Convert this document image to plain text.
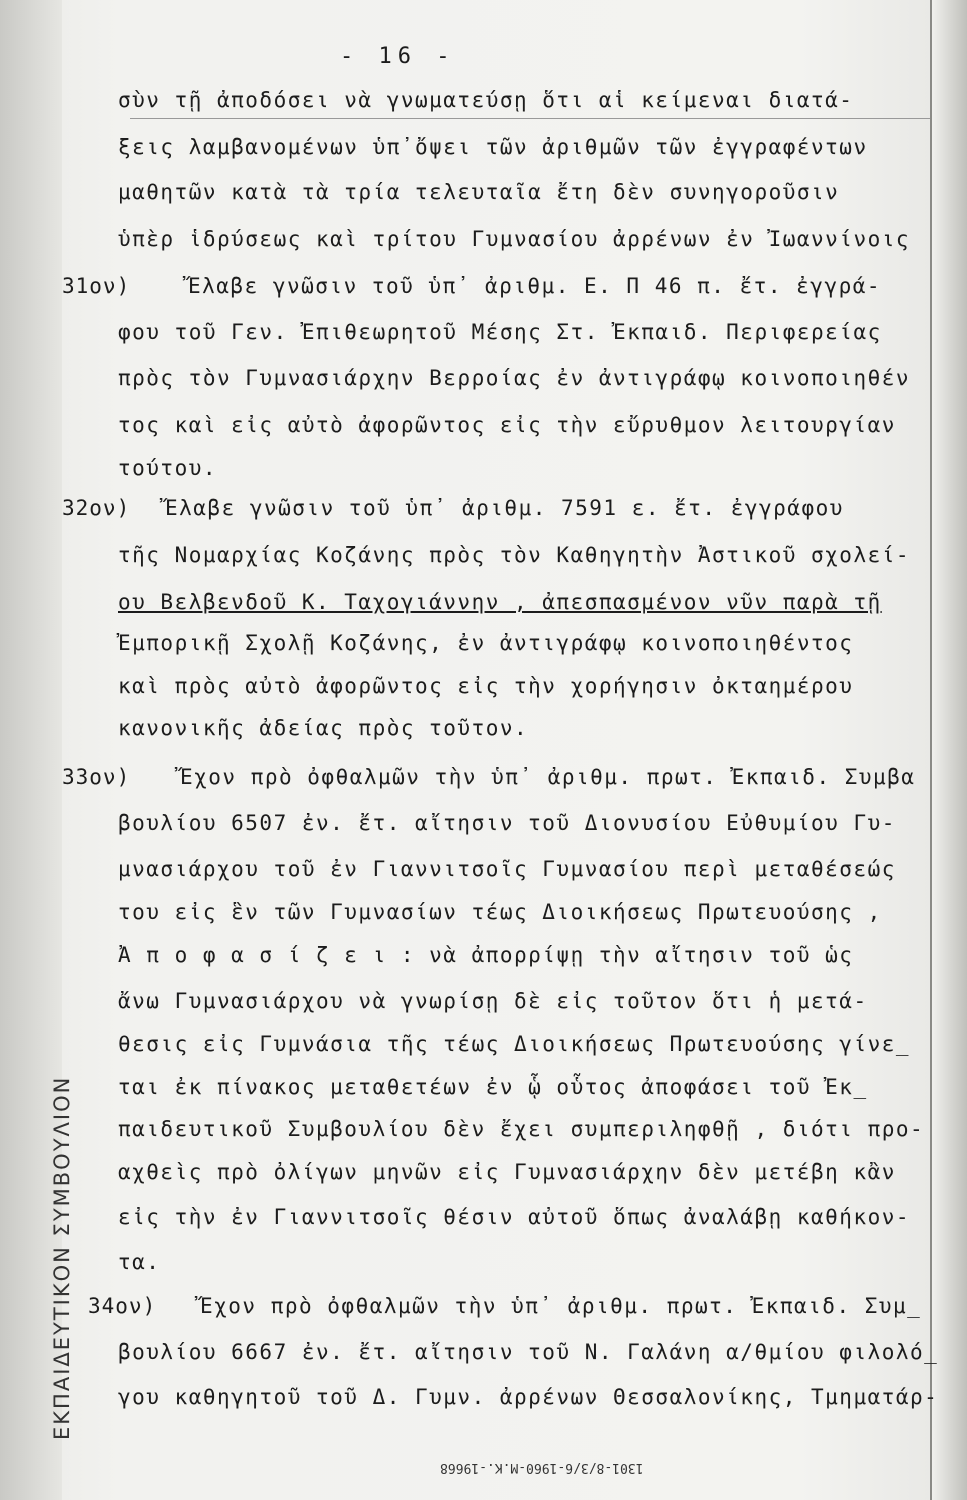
ΕΚΠΑΙΔΕΥΤΙΚΟΝ ΣΥΜΒΟΥΛΙΟΝ
- 16 -
σὺν τῇ ἀποδόσει νὰ γνωματεύσῃ ὅτι αἱ κείμεναι διατά-
ξεις λαμβανομένων ὑπ᾽ὄψει τῶν ἀριθμῶν τῶν ἐγγραφέντων
μαθητῶν κατὰ τὰ τρία τελευταῖα ἔτη δὲν συνηγοροῦσιν
ὑπὲρ ἱδρύσεως καὶ τρίτου Γυμνασίου ἀρρένων ἐν Ἰωαννίνοις
31ον)	Ἔλαβε γνῶσιν τοῦ ὑπ᾽ ἀριθμ. Ε. Π 46 π. ἔτ. ἐγγρά-
φου τοῦ Γεν. Ἐπιθεωρητοῦ Μέσης Στ. Ἐκπαιδ. Περιφερείας
πρὸς τὸν Γυμνασιάρχην Βερροίας ἐν ἀντιγράφῳ κοινοποιηθέν
τος καὶ εἰς αὐτὸ ἀφορῶντος εἰς τὴν εὔρυθμον λειτουργίαν
τούτου.
32ον) Ἔλαβε γνῶσιν τοῦ ὑπ᾽ ἀριθμ. 7591 ε. ἔτ. ἐγγράφου
τῆς Νομαρχίας Κοζάνης πρὸς τὸν Καθηγητὴν Ἀστικοῦ σχολεί-
ου Βελβενδοῦ Κ. Ταχογιάννην , ἀπεσπασμένον νῦν παρὰ τῇ
Ἐμπορικῇ Σχολῇ Κοζάνης, ἐν ἀντιγράφῳ κοινοποιηθέντος
καὶ πρὸς αὐτὸ ἀφορῶντος εἰς τὴν χορήγησιν ὀκταημέρου
κανονικῆς ἀδείας πρὸς τοῦτον.
33ον) Ἔχον πρὸ ὀφθαλμῶν τὴν ὑπ᾽ ἀριθμ. πρωτ. Ἐκπαιδ. Συμβα
βουλίου 6507 ἐν. ἔτ. αἴτησιν τοῦ Διονυσίου Εὐθυμίου Γυ-
μνασιάρχου τοῦ ἐν Γιαννιτσοῖς Γυμνασίου περὶ μεταθέσεώς
του εἰς ἓν τῶν Γυμνασίων τέως Διοικήσεως Πρωτευούσης ,
Ἀ π ο φ α σ ί ζ ε ι : νὰ ἀπορρίψῃ τὴν αἴτησιν τοῦ ὡς
ἄνω Γυμνασιάρχου νὰ γνωρίσῃ δὲ εἰς τοῦτον ὅτι ἡ μετά-
θεσις εἰς Γυμνάσια τῆς τέως Διοικήσεως Πρωτευούσης γίνε_
ται ἐκ πίνακος μεταθετέων ἐν ᾧ οὗτος ἀποφάσει τοῦ Ἐκ_
παιδευτικοῦ Συμβουλίου δὲν ἔχει συμπεριληφθῇ , διότι προ-
αχθεὶς πρὸ ὀλίγων μηνῶν εἰς Γυμνασιάρχην δὲν μετέβη κἂν
εἰς τὴν ἐν Γιαννιτσοῖς θέσιν αὐτοῦ ὅπως ἀναλάβῃ καθήκον-
τα.
34ον) Ἔχον πρὸ ὀφθαλμῶν τὴν ὑπ᾽ ἀριθμ. πρωτ. Ἐκπαιδ. Συμ_
βουλίου 6667 ἐν. ἔτ. αἴτησιν τοῦ Ν. Γαλάνη α/θμίου φιλολό_
γου καθηγητοῦ τοῦ Δ. Γυμν. ἀρρένων Θεσσαλονίκης, Τμηματάρ-
1301-8/3/6-1960-Μ.Κ.-19668
